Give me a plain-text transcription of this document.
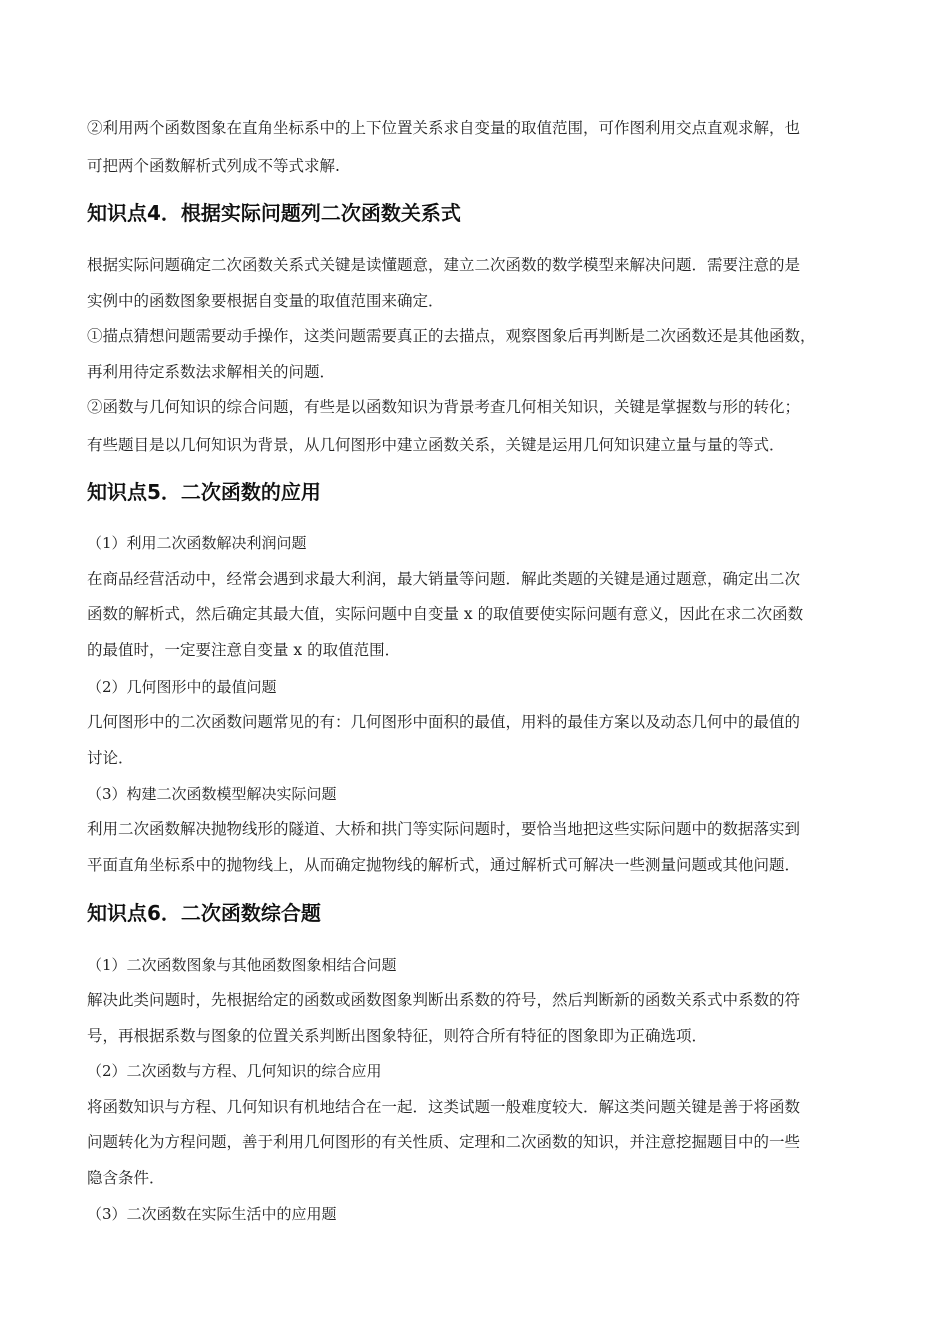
②利用两个函数图象在直角坐标系中的上下位置关系求自变量的取值范围，可作图利用交点直观求解，也
可把两个函数解析式列成不等式求解.
知识点4．根据实际问题列二次函数关系式
根据实际问题确定二次函数关系式关键是读懂题意，建立二次函数的数学模型来解决问题．需要注意的是
实例中的函数图象要根据自变量的取值范围来确定．
①描点猜想问题需要动手操作，这类问题需要真正的去描点，观察图象后再判断是二次函数还是其他函数，
再利用待定系数法求解相关的问题．
②函数与几何知识的综合问题，有些是以函数知识为背景考查几何相关知识，关键是掌握数与形的转化；
有些题目是以几何知识为背景，从几何图形中建立函数关系，关键是运用几何知识建立量与量的等式．
知识点5．二次函数的应用
（1）利用二次函数解决利润问题
在商品经营活动中，经常会遇到求最大利润，最大销量等问题．解此类题的关键是通过题意，确定出二次
函数的解析式，然后确定其最大值，实际问题中自变量 x 的取值要使实际问题有意义，因此在求二次函数
的最值时，一定要注意自变量 x 的取值范围．
（2）几何图形中的最值问题
几何图形中的二次函数问题常见的有：几何图形中面积的最值，用料的最佳方案以及动态几何中的最值的
讨论．
（3）构建二次函数模型解决实际问题
利用二次函数解决抛物线形的隧道、大桥和拱门等实际问题时，要恰当地把这些实际问题中的数据落实到
平面直角坐标系中的抛物线上，从而确定抛物线的解析式，通过解析式可解决一些测量问题或其他问题．
知识点6．二次函数综合题
（1）二次函数图象与其他函数图象相结合问题
解决此类问题时，先根据给定的函数或函数图象判断出系数的符号，然后判断新的函数关系式中系数的符
号，再根据系数与图象的位置关系判断出图象特征，则符合所有特征的图象即为正确选项．
（2）二次函数与方程、几何知识的综合应用
将函数知识与方程、几何知识有机地结合在一起．这类试题一般难度较大．解这类问题关键是善于将函数
问题转化为方程问题，善于利用几何图形的有关性质、定理和二次函数的知识，并注意挖掘题目中的一些
隐含条件．
（3）二次函数在实际生活中的应用题
